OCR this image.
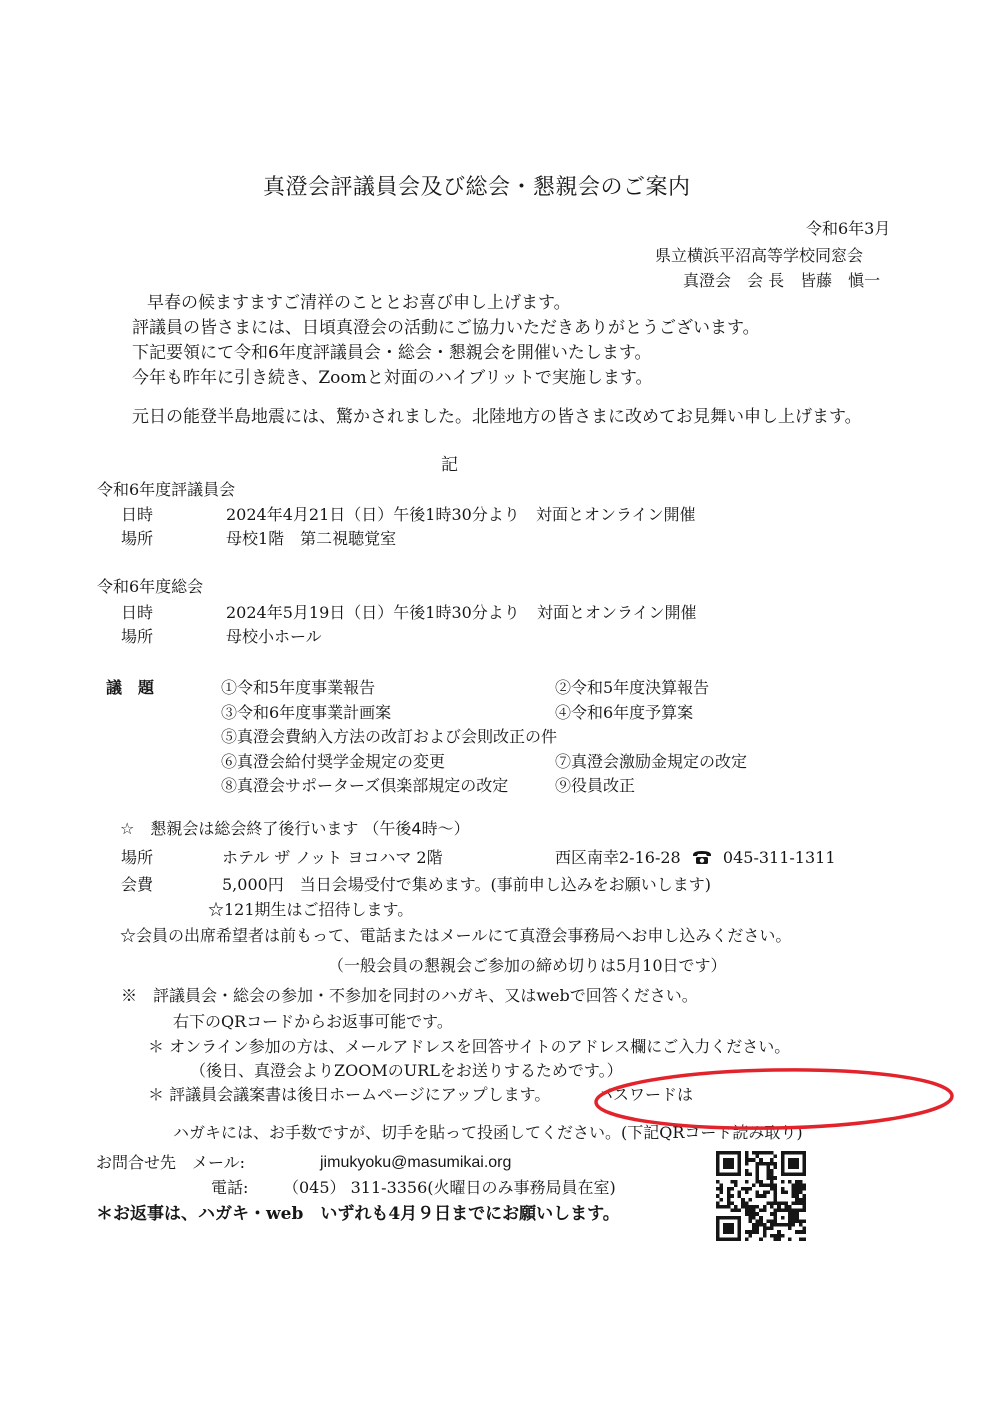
真澄会評議員会及び総会・懇親会のご案内
令和6年3月
県立横浜平沼高等学校同窓会
真澄会　会 長　皆藤　愼一
早春の候ますますご清祥のこととお喜び申し上げます。
評議員の皆さまには、日頃真澄会の活動にご協力いただきありがとうございます。
下記要領にて令和6年度評議員会・総会・懇親会を開催いたします。
今年も昨年に引き続き、Zoomと対面のハイブリットで実施します。
元日の能登半島地震には、驚かされました。北陸地方の皆さまに改めてお見舞い申し上げます。
記
令和6年度評議員会
日時	2024年4月21日（日）午後1時30分より 対面とオンライン開催
場所	母校1階　第二視聴覚室
令和6年度総会
日時	2024年5月19日（日）午後1時30分より 対面とオンライン開催
場所	母校小ホール
議　題	①令和5年度事業報告	②令和5年度決算報告
③令和6年度事業計画案	④令和6年度予算案
⑤真澄会費納入方法の改訂および会則改正の件
⑥真澄会給付奨学金規定の変更	⑦真澄会激励金規定の改定
⑧真澄会サポーターズ倶楽部規定の改定	⑨役員改正
☆　懇親会は総会終了後行います （午後4時～）
場所	ホテル ザ ノット ヨコハマ 2階	西区南幸2-16-28	045-311-1311
会費	5,000円　当日会場受付で集めます。(事前申し込みをお願いします)
☆121期生はご招待します。
☆会員の出席希望者は前もって、電話またはメールにて真澄会事務局へお申し込みください。
（一般会員の懇親会ご参加の締め切りは5月10日です）
※　評議員会・総会の参加・不参加を同封のハガキ、又はwebで回答ください。
右下のQRコードからお返事可能です。
＊ オンライン参加の方は、メールアドレスを回答サイトのアドレス欄にご入力ください。
（後日、真澄会よりZOOMのURLをお送りするためです。）
＊ 評議員会議案書は後日ホームページにアップします。	パスワードは
ハガキには、お手数ですが、切手を貼って投函してください。(下記QRコード読み取り)
お問合せ先　メール:	jimukyoku@masumikai.org
電話: （045） 311-3356(火曜日のみ事務局員在室)
＊お返事は、ハガキ・web　いずれも4月９日までにお願いします。
